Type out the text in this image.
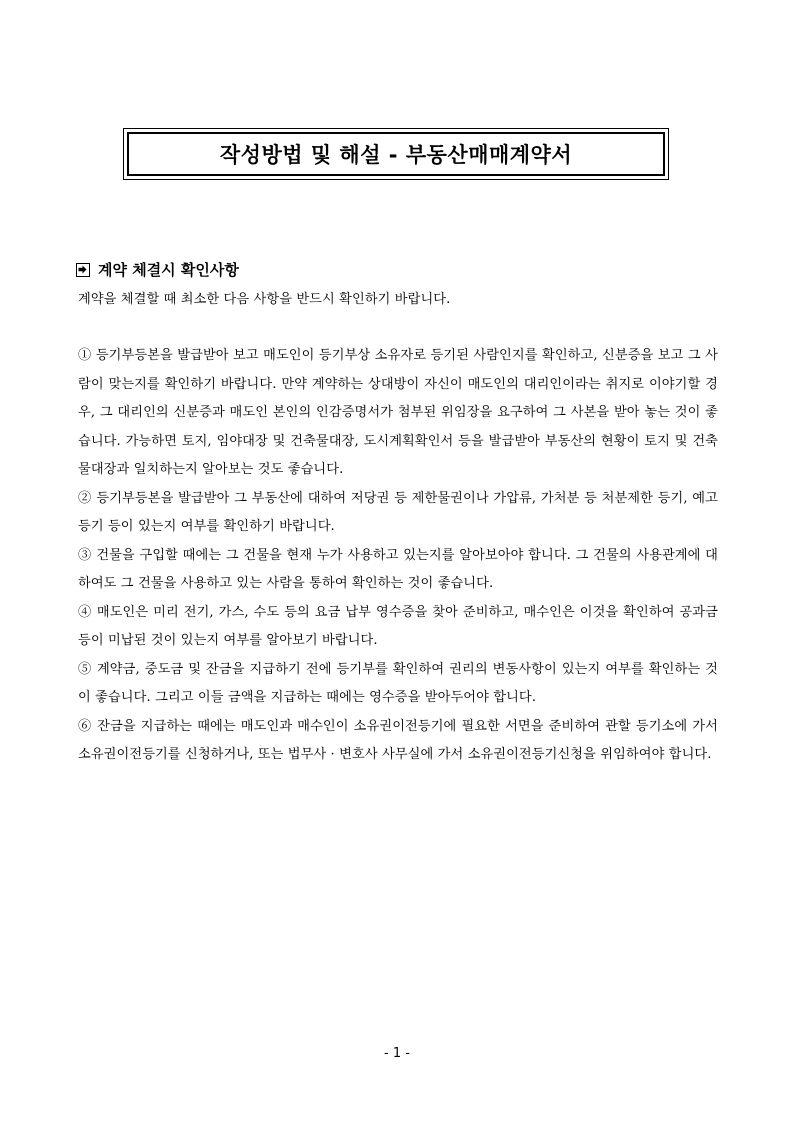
작성방법 및 해설 - 부동산매매계약서
계약 체결시 확인사항
계약을 체결할 때 최소한 다음 사항을 반드시 확인하기 바랍니다.

① 등기부등본을 발급받아 보고 매도인이 등기부상 소유자로 등기된 사람인지를 확인하고, 신분증을 보고 그 사람이 맞는지를 확인하기 바랍니다. 만약 계약하는 상대방이 자신이 매도인의 대리인이라는 취지로 이야기할 경우, 그 대리인의 신분증과 매도인 본인의 인감증명서가 첨부된 위임장을 요구하여 그 사본을 받아 놓는 것이 좋습니다. 가능하면 토지, 임야대장 및 건축물대장, 도시계획확인서 등을 발급받아 부동산의 현황이 토지 및 건축물대장과 일치하는지 알아보는 것도 좋습니다.

② 등기부등본을 발급받아 그 부동산에 대하여 저당권 등 제한물권이나 가압류, 가처분 등 처분제한 등기, 예고등기 등이 있는지 여부를 확인하기 바랍니다.

③ 건물을 구입할 때에는 그 건물을 현재 누가 사용하고 있는지를 알아보아야 합니다. 그 건물의 사용관계에 대하여도 그 건물을 사용하고 있는 사람을 통하여 확인하는 것이 좋습니다.

④ 매도인은 미리 전기, 가스, 수도 등의 요금 납부 영수증을 찾아 준비하고, 매수인은 이것을 확인하여 공과금 등이 미납된 것이 있는지 여부를 알아보기 바랍니다.

⑤ 계약금, 중도금 및 잔금을 지급하기 전에 등기부를 확인하여 권리의 변동사항이 있는지 여부를 확인하는 것이 좋습니다. 그리고 이들 금액을 지급하는 때에는 영수증을 받아두어야 합니다.

⑥ 잔금을 지급하는 때에는 매도인과 매수인이 소유권이전등기에 필요한 서면을 준비하여 관할 등기소에 가서 소유권이전등기를 신청하거나, 또는 법무사 · 변호사 사무실에 가서 소유권이전등기신청을 위임하여야 합니다.

- 1 -
